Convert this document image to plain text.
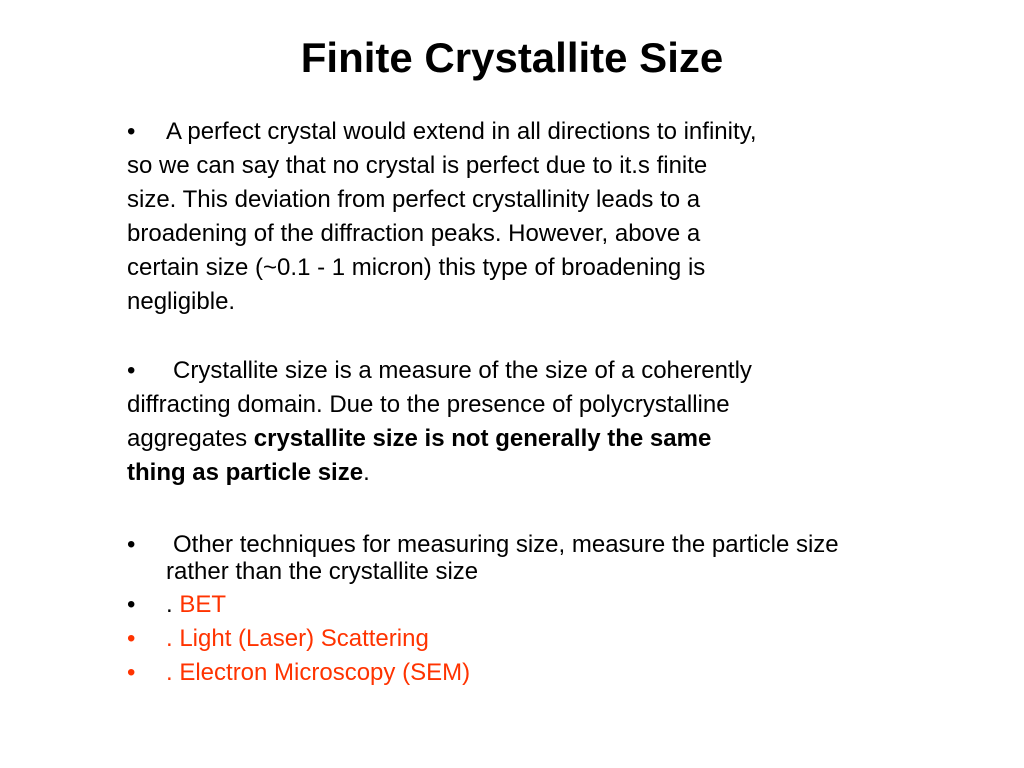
Finite Crystallite Size
• A perfect crystal would extend in all directions to infinity,
so we can say that no crystal is perfect due to it.s finite
size. This deviation from perfect crystallinity leads to a
broadening of the diffraction peaks. However, above a
certain size (~0.1 - 1 micron) this type of broadening is
negligible.
• Crystallite size is a measure of the size of a coherently
diffracting domain. Due to the presence of polycrystalline
aggregates crystallite size is not generally the same
thing as particle size.
• Other techniques for measuring size, measure the particle size
rather than the crystallite size
• . BET
• . Light (Laser) Scattering
• . Electron Microscopy (SEM)
